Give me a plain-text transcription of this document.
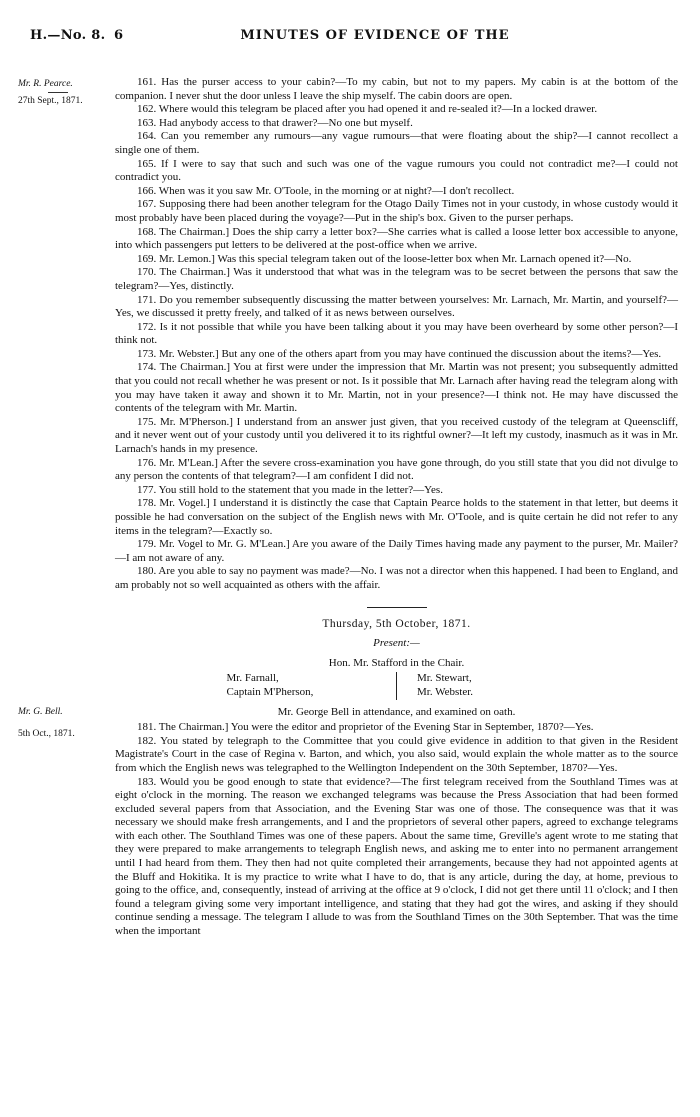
H.—No. 8. 6	MINUTES OF EVIDENCE OF THE
Mr. R. Pearce.
27th Sept., 1871.

161. Has the purser access to your cabin?—To my cabin, but not to my papers. My cabin is at the bottom of the companion. I never shut the door unless I leave the ship myself. The cabin doors are open.

162. Where would this telegram be placed after you had opened it and re-sealed it?—In a locked drawer.

163. Had anybody access to that drawer?—No one but myself.

164. Can you remember any rumours—any vague rumours—that were floating about the ship?—I cannot recollect a single one of them.

165. If I were to say that such and such was one of the vague rumours you could not contradict me?—I could not contradict you.

166. When was it you saw Mr. O'Toole, in the morning or at night?—I don't recollect.

167. Supposing there had been another telegram for the Otago Daily Times not in your custody, in whose custody would it most probably have been placed during the voyage?—Put in the ship's box. Given to the purser perhaps.

168. The Chairman.] Does the ship carry a letter box?—She carries what is called a loose letter box accessible to anyone, into which passengers put letters to be delivered at the post-office when we arrive.

169. Mr. Lemon.] Was this special telegram taken out of the loose-letter box when Mr. Larnach opened it?—No.

170. The Chairman.] Was it understood that what was in the telegram was to be secret between the persons that saw the telegram?—Yes, distinctly.

171. Do you remember subsequently discussing the matter between yourselves: Mr. Larnach, Mr. Martin, and yourself?—Yes, we discussed it pretty freely, and talked of it as news between ourselves.

172. Is it not possible that while you have been talking about it you may have been overheard by some other person?—I think not.

173. Mr. Webster.] But any one of the others apart from you may have continued the discussion about the items?—Yes.

174. The Chairman.] You at first were under the impression that Mr. Martin was not present; you subsequently admitted that you could not recall whether he was present or not. Is it possible that Mr. Larnach after having read the telegram along with you may have taken it away and shown it to Mr. Martin, not in your presence?—I think not. He may have discussed the contents of the telegram with Mr. Martin.

175. Mr. M'Pherson.] I understand from an answer just given, that you received custody of the telegram at Queenscliff, and it never went out of your custody until you delivered it to its rightful owner?—It left my custody, inasmuch as it was in Mr. Larnach's hands in my presence.

176. Mr. M'Lean.] After the severe cross-examination you have gone through, do you still state that you did not divulge to any person the contents of that telegram?—I am confident I did not.

177. You still hold to the statement that you made in the letter?—Yes.

178. Mr. Vogel.] I understand it is distinctly the case that Captain Pearce holds to the statement in that letter, but deems it possible he had conversation on the subject of the English news with Mr. O'Toole, and is quite certain he did not refer to any items in the telegram?—Exactly so.

179. Mr. Vogel to Mr. G. M'Lean.] Are you aware of the Daily Times having made any payment to the purser, Mr. Mailer?—I am not aware of any.

180. Are you able to say no payment was made?—No. I was not a director when this happened. I had been to England, and am probably not so well acquainted as others with the affair.

Thursday, 5th October, 1871.
Present:—
Hon. Mr. Stafford in the Chair.
Mr. Farnall,
Captain M'Pherson,
Mr. Stewart,
Mr. Webster.
Mr. George Bell in attendance, and examined on oath.

181. The Chairman.] You were the editor and proprietor of the Evening Star in September, 1870?—Yes.

182. You stated by telegraph to the Committee that you could give evidence in addition to that given in the Resident Magistrate's Court in the case of Regina v. Barton, and which, you also said, would explain the whole matter as to the source from which the English news was telegraphed to the Wellington Independent on the 30th September, 1870?—Yes.

183. Would you be good enough to state that evidence?—The first telegram received from the Southland Times was at eight o'clock in the morning. The reason we exchanged telegrams was because the Press Association that had been formed excluded several papers from that Association, and the Evening Star was one of those. The consequence was that it was necessary we should make fresh arrangements, and I and the proprietors of several other papers, agreed to exchange telegrams with each other. The Southland Times was one of these papers. About the same time, Greville's agent wrote to me stating that they were prepared to make arrangements to telegraph English news, and asking me to enter into no permanent arrangement until I had heard from them. They then had not quite completed their arrangements, because they had not appointed agents at the Bluff and Hokitika. It is my practice to write what I have to do, that is any article, during the day, at home, previous to going to the office, and, consequently, instead of arriving at the office at 9 o'clock, I did not get there until 11 o'clock; and I then found a telegram giving some very important intelligence, and stating that they had got the wires, and asking if they should continue sending a message. The telegram I allude to was from the Southland Times on the 30th September. That was the time when the important

Mr. G. Bell.
5th Oct., 1871.
